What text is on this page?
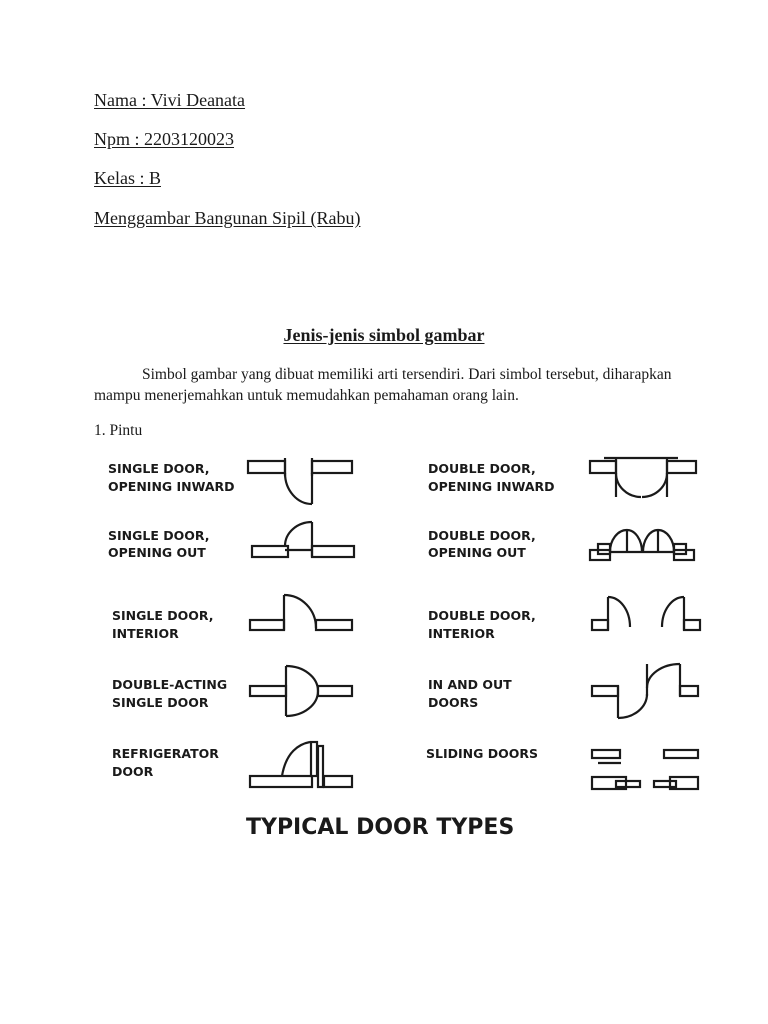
Nama : Vivi Deanata

Npm : 2203120023

Kelas : B

Menggambar Bangunan Sipil (Rabu)

Jenis-jenis simbol gambar

Simbol gambar yang dibuat memiliki arti tersendiri. Dari simbol tersebut, diharapkan mampu menerjemahkan untuk memudahkan pemahaman orang lain.

1. Pintu

SINGLE DOOR,
OPENING INWARD
SINGLE DOOR,
OPENING OUT
SINGLE DOOR,
INTERIOR
DOUBLE-ACTING
SINGLE DOOR
REFRIGERATOR
DOOR
DOUBLE DOOR,
OPENING INWARD
DOUBLE DOOR,
OPENING OUT
DOUBLE DOOR,
INTERIOR
IN AND OUT
DOORS
SLIDING DOORS
TYPICAL DOOR TYPES
